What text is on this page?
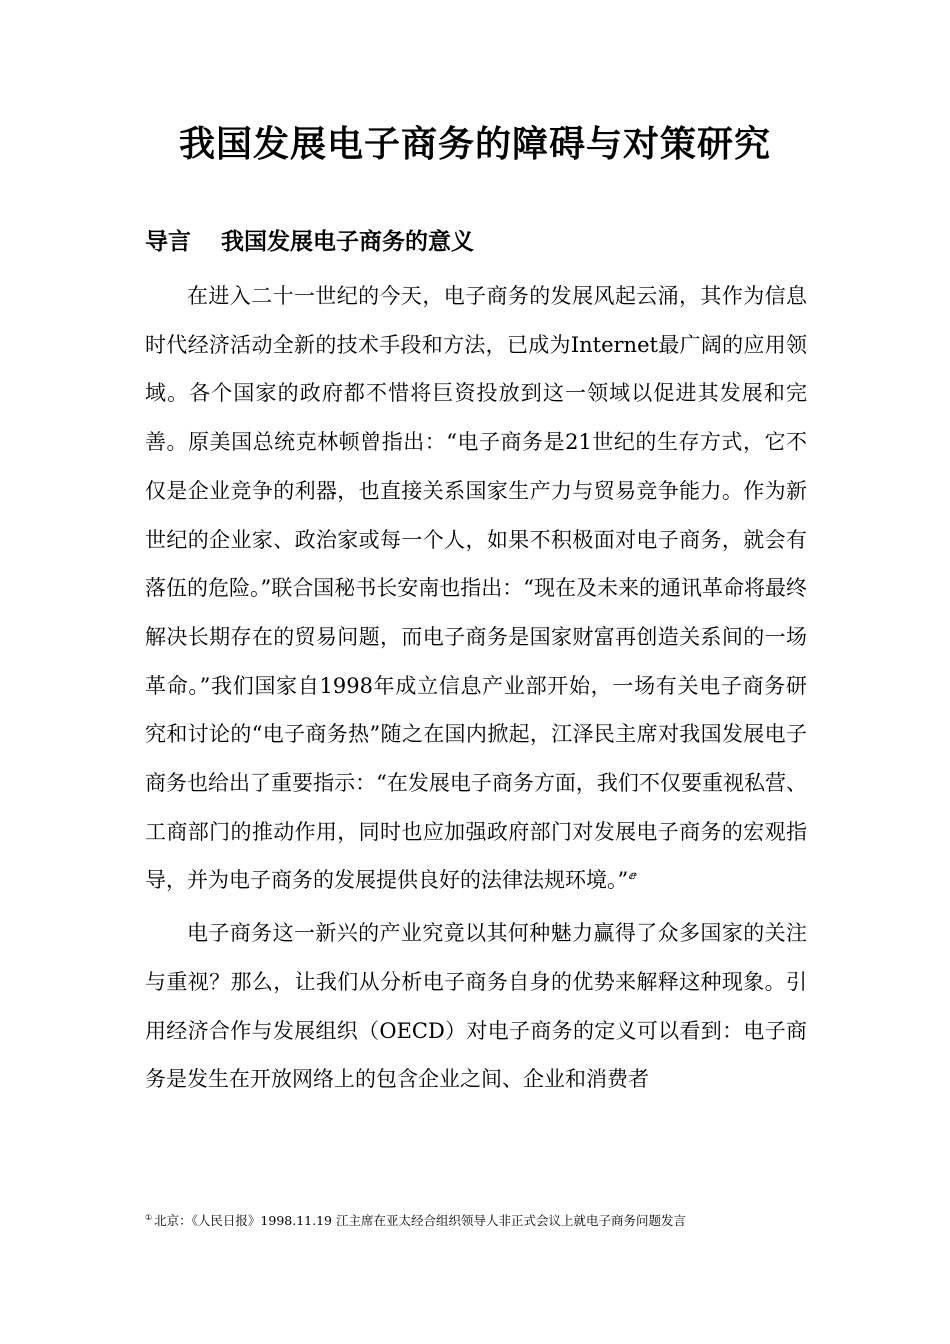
我国发展电子商务的障碍与对策研究
导言 我国发展电子商务的意义

在进入二十一世纪的今天，电子商务的发展风起云涌，其作为信息时代经济活动全新的技术手段和方法，已成为Internet最广阔的应用领域。各个国家的政府都不惜将巨资投放到这一领域以促进其发展和完善。原美国总统克林顿曾指出：“电子商务是21世纪的生存方式，它不仅是企业竞争的利器，也直接关系国家生产力与贸易竞争能力。作为新世纪的企业家、政治家或每一个人，如果不积极面对电子商务，就会有落伍的危险。”联合国秘书长安南也指出：“现在及未来的通讯革命将最终解决长期存在的贸易问题，而电子商务是国家财富再创造关系间的一场革命。”我们国家自1998年成立信息产业部开始，一场有关电子商务研究和讨论的“电子商务热”随之在国内掀起，江泽民主席对我国发展电子商务也给出了重要指示：“在发展电子商务方面，我们不仅要重视私营、工商部门的推动作用，同时也应加强政府部门对发展电子商务的宏观指导，并为电子商务的发展提供良好的法律法规环境。”$^ⅇ$

电子商务这一新兴的产业究竟以其何种魅力赢得了众多国家的关注与重视？那么，让我们从分析电子商务自身的优势来解释这种现象。引用经济合作与发展组织（OECD）对电子商务的定义可以看到：电子商务是发生在开放网络上的包含企业之间、企业和消费者

① 北京：《人民日报》1998.11.19 江主席在亚太经合组织领导人非正式会议上就电子商务问题发言
